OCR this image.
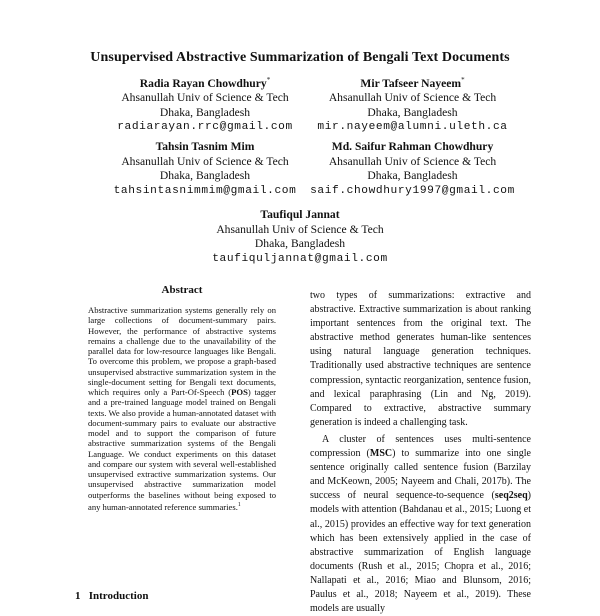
Unsupervised Abstractive Summarization of Bengali Text Documents
Radia Rayan Chowdhury*
Ahsanullah Univ of Science & Tech
Dhaka, Bangladesh
radiarayan.rrc@gmail.com
Mir Tafseer Nayeem*
Ahsanullah Univ of Science & Tech
Dhaka, Bangladesh
mir.nayeem@alumni.uleth.ca
Tahsin Tasnim Mim
Ahsanullah Univ of Science & Tech
Dhaka, Bangladesh
tahsintasnimmim@gmail.com
Md. Saifur Rahman Chowdhury
Ahsanullah Univ of Science & Tech
Dhaka, Bangladesh
saif.chowdhury1997@gmail.com
Taufiqul Jannat
Ahsanullah Univ of Science & Tech
Dhaka, Bangladesh
taufiquljannat@gmail.com
Abstract
Abstractive summarization systems generally rely on large collections of document-summary pairs. However, the performance of abstractive systems remains a challenge due to the unavailability of the parallel data for low-resource languages like Bengali. To overcome this problem, we propose a graph-based unsupervised abstractive summarization system in the single-document setting for Bengali text documents, which requires only a Part-Of-Speech (POS) tagger and a pre-trained language model trained on Bengali texts. We also provide a human-annotated dataset with document-summary pairs to evaluate our abstractive model and to support the comparison of future abstractive summarization systems of the Bengali Language. We conduct experiments on this dataset and compare our system with several well-established unsupervised extractive summarization systems. Our unsupervised abstractive summarization model outperforms the baselines without being exposed to any human-annotated reference summaries.$^1$
1 Introduction

two types of summarizations: extractive and abstractive. Extractive summarization is about ranking important sentences from the original text. The abstractive method generates human-like sentences using natural language generation techniques. Traditionally used abstractive techniques are sentence compression, syntactic reorganization, sentence fusion, and lexical paraphrasing (Lin and Ng, 2019). Compared to extractive, abstractive summary generation is indeed a challenging task.

A cluster of sentences uses multi-sentence compression (MSC) to summarize into one single sentence originally called sentence fusion (Barzilay and McKeown, 2005; Nayeem and Chali, 2017b). The success of neural sequence-to-sequence (seq2seq) models with attention (Bahdanau et al., 2015; Luong et al., 2015) provides an effective way for text generation which has been extensively applied in the case of abstractive summarization of English language documents (Rush et al., 2015; Chopra et al., 2016; Nallapati et al., 2016; Miao and Blunsom, 2016; Paulus et al., 2018; Nayeem et al., 2019). These models are usually
